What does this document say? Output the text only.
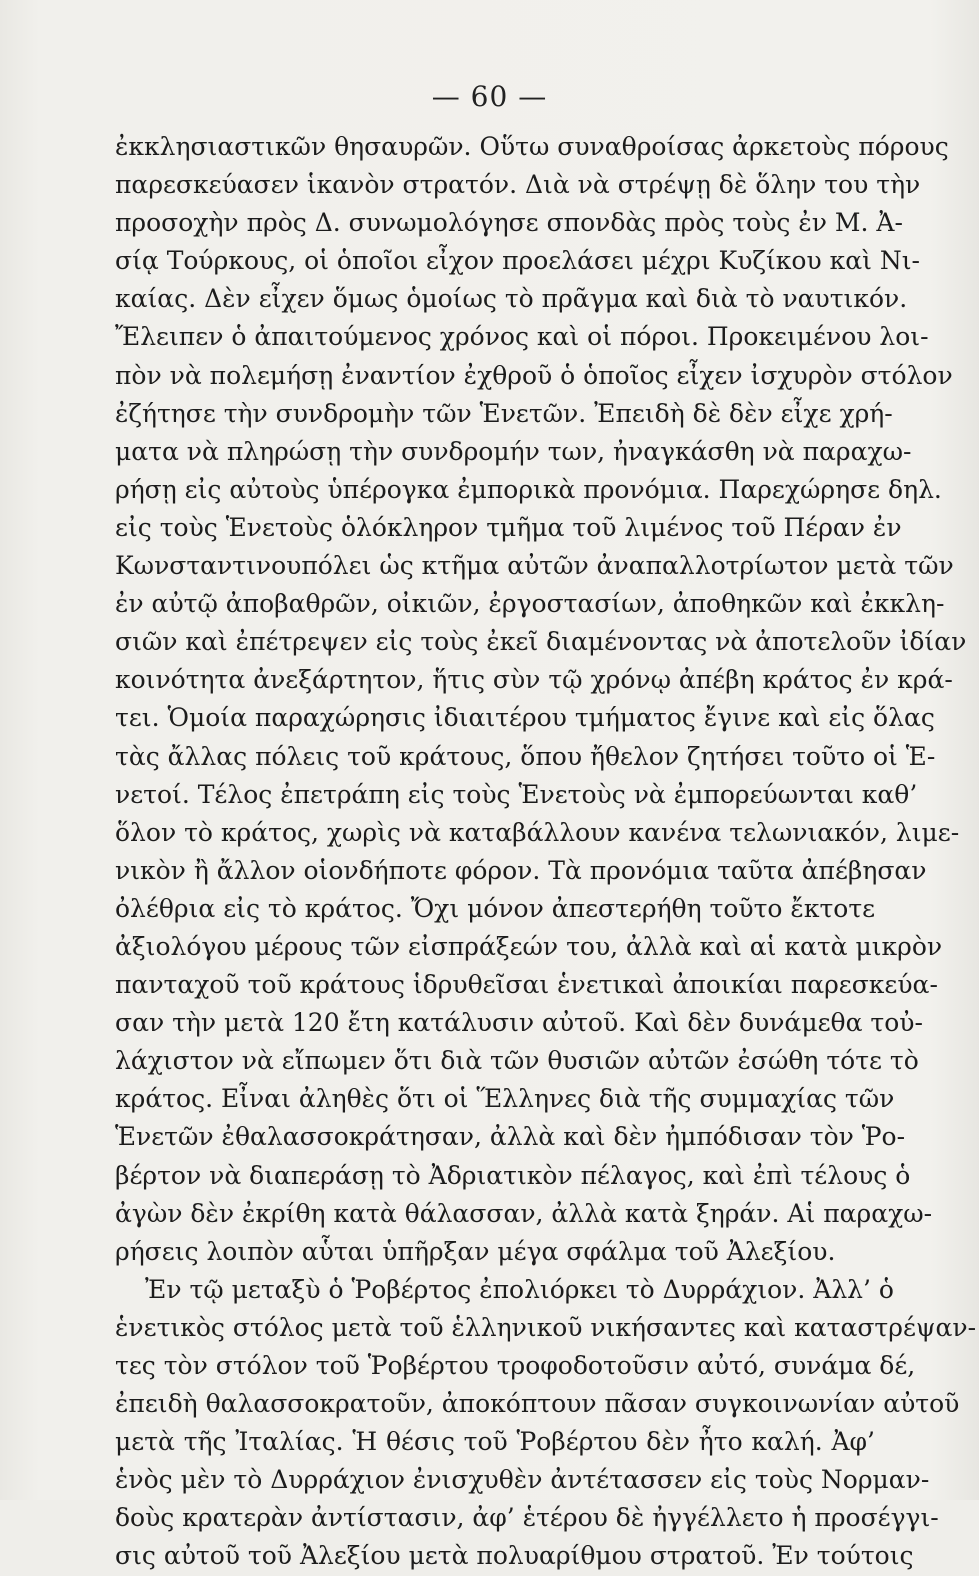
— 60 —
ἐκκλησιαστικῶν θησαυρῶν. Οὕτω συναθροίσας ἀρκετοὺς πόρους
παρεσκεύασεν ἱκανὸν στρατόν. Διὰ νὰ στρέψῃ δὲ ὅλην του τὴν
προσοχὴν πρὸς Δ. συνωμολόγησε σπονδὰς πρὸς τοὺς ἐν Μ. Ἀ-
σίᾳ Τούρκους, οἱ ὁποῖοι εἶχον προελάσει μέχρι Κυζίκου καὶ Νι-
καίας. Δὲν εἶχεν ὅμως ὁμοίως τὸ πρᾶγμα καὶ διὰ τὸ ναυτικόν.
Ἔλειπεν ὁ ἀπαιτούμενος χρόνος καὶ οἱ πόροι. Προκειμένου λοι-
πὸν νὰ πολεμήσῃ ἐναντίον ἐχθροῦ ὁ ὁποῖος εἶχεν ἰσχυρὸν στόλον
ἐζήτησε τὴν συνδρομὴν τῶν Ἑνετῶν. Ἐπειδὴ δὲ δὲν εἶχε χρή-
ματα νὰ πληρώσῃ τὴν συνδρομήν των, ἠναγκάσθη νὰ παραχω-
ρήσῃ εἰς αὐτοὺς ὑπέρογκα ἐμπορικὰ προνόμια. Παρεχώρησε δηλ.
εἰς τοὺς Ἑνετοὺς ὁλόκληρον τμῆμα τοῦ λιμένος τοῦ Πέραν ἐν
Κωνσταντινουπόλει ὡς κτῆμα αὐτῶν ἀναπαλλοτρίωτον μετὰ τῶν
ἐν αὐτῷ ἀποβαθρῶν, οἰκιῶν, ἐργοστασίων, ἀποθηκῶν καὶ ἐκκλη-
σιῶν καὶ ἐπέτρεψεν εἰς τοὺς ἐκεῖ διαμένοντας νὰ ἀποτελοῦν ἰδίαν
κοινότητα ἀνεξάρτητον, ἥτις σὺν τῷ χρόνῳ ἀπέβη κράτος ἐν κρά-
τει. Ὁμοία παραχώρησις ἰδιαιτέρου τμήματος ἔγινε καὶ εἰς ὅλας
τὰς ἄλλας πόλεις τοῦ κράτους, ὅπου ἤθελον ζητήσει τοῦτο οἱ Ἑ-
νετοί. Τέλος ἐπετράπη εἰς τοὺς Ἑνετοὺς νὰ ἐμπορεύωνται καθ’
ὅλον τὸ κράτος, χωρὶς νὰ καταβάλλουν κανένα τελωνιακόν, λιμε-
νικὸν ἢ ἄλλον οἱονδήποτε φόρον. Τὰ προνόμια ταῦτα ἀπέβησαν
ὀλέθρια εἰς τὸ κράτος. Ὄχι μόνον ἀπεστερήθη τοῦτο ἔκτοτε
ἀξιολόγου μέρους τῶν εἰσπράξεών του, ἀλλὰ καὶ αἱ κατὰ μικρὸν
πανταχοῦ τοῦ κράτους ἱδρυθεῖσαι ἑνετικαὶ ἀποικίαι παρεσκεύα-
σαν τὴν μετὰ 120 ἔτη κατάλυσιν αὐτοῦ. Καὶ δὲν δυνάμεθα τοὐ-
λάχιστον νὰ εἴπωμεν ὅτι διὰ τῶν θυσιῶν αὐτῶν ἐσώθη τότε τὸ
κράτος. Εἶναι ἀληθὲς ὅτι οἱ Ἕλληνες διὰ τῆς συμμαχίας τῶν
Ἑνετῶν ἐθαλασσοκράτησαν, ἀλλὰ καὶ δὲν ἠμπόδισαν τὸν Ῥο-
βέρτον νὰ διαπεράσῃ τὸ Ἀδριατικὸν πέλαγος, καὶ ἐπὶ τέλους ὁ
ἀγὼν δὲν ἐκρίθη κατὰ θάλασσαν, ἀλλὰ κατὰ ξηράν. Αἱ παραχω-
ρήσεις λοιπὸν αὗται ὑπῆρξαν μέγα σφάλμα τοῦ Ἀλεξίου.
Ἐν τῷ μεταξὺ ὁ Ῥοβέρτος ἐπολιόρκει τὸ Δυρράχιον. Ἀλλ’ ὁ
ἑνετικὸς στόλος μετὰ τοῦ ἑλληνικοῦ νικήσαντες καὶ καταστρέψαν-
τες τὸν στόλον τοῦ Ῥοβέρτου τροφοδοτοῦσιν αὐτό, συνάμα δέ,
ἐπειδὴ θαλασσοκρατοῦν, ἀποκόπτουν πᾶσαν συγκοινωνίαν αὐτοῦ
μετὰ τῆς Ἰταλίας. Ἡ θέσις τοῦ Ῥοβέρτου δὲν ἦτο καλή. Ἀφ’
ἑνὸς μὲν τὸ Δυρράχιον ἐνισχυθὲν ἀντέτασσεν εἰς τοὺς Νορμαν-
δοὺς κρατερὰν ἀντίστασιν, ἀφ’ ἑτέρου δὲ ἠγγέλλετο ἡ προσέγγι-
σις αὐτοῦ τοῦ Ἀλεξίου μετὰ πολυαρίθμου στρατοῦ. Ἐν τούτοις
